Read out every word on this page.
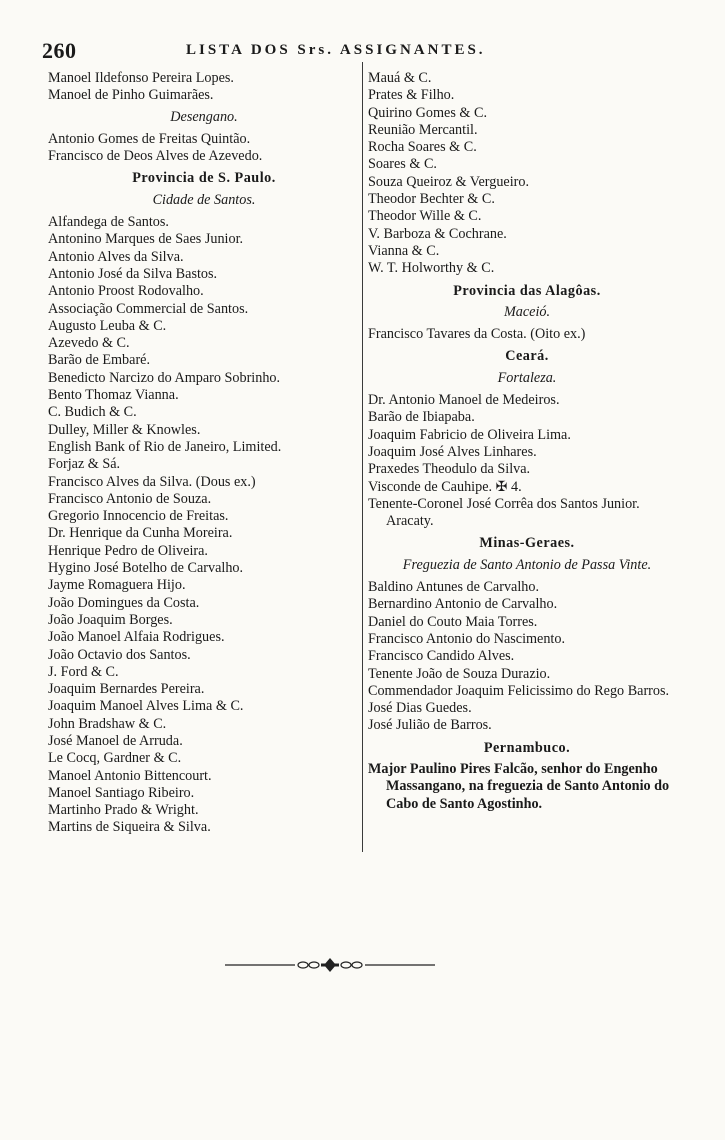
260	LISTA DOS Srs. ASSIGNANTES.
Manoel Ildefonso Pereira Lopes.
Manoel de Pinho Guimarães.
Desengano.
Antonio Gomes de Freitas Quintão.
Francisco de Deos Alves de Azevedo.
Provincia de S. Paulo.
Cidade de Santos.
Alfandega de Santos.
Antonino Marques de Saes Junior.
Antonio Alves da Silva.
Antonio José da Silva Bastos.
Antonio Proost Rodovalho.
Associação Commercial de Santos.
Augusto Leuba & C.
Azevedo & C.
Barão de Embaré.
Benedicto Narcizo do Amparo Sobrinho.
Bento Thomaz Vianna.
C. Budich & C.
Dulley, Miller & Knowles.
English Bank of Rio de Janeiro, Limited.
Forjaz & Sá.
Francisco Alves da Silva. (Dous ex.)
Francisco Antonio de Souza.
Gregorio Innocencio de Freitas.
Dr. Henrique da Cunha Moreira.
Henrique Pedro de Oliveira.
Hygino José Botelho de Carvalho.
Jayme Romaguera Hijo.
João Domingues da Costa.
João Joaquim Borges.
João Manoel Alfaia Rodrigues.
João Octavio dos Santos.
J. Ford & C.
Joaquim Bernardes Pereira.
Joaquim Manoel Alves Lima & C.
John Bradshaw & C.
José Manoel de Arruda.
Le Cocq, Gardner & C.
Manoel Antonio Bittencourt.
Manoel Santiago Ribeiro.
Martinho Prado & Wright.
Martins de Siqueira & Silva.
Mauá & C.
Prates & Filho.
Quirino Gomes & C.
Reunião Mercantil.
Rocha Soares & C.
Soares & C.
Souza Queiroz & Vergueiro.
Theodor Bechter & C.
Theodor Wille & C.
V. Barboza & Cochrane.
Vianna & C.
W. T. Holworthy & C.
Provincia das Alagôas.
Maceió.
Francisco Tavares da Costa. (Oito ex.)
Ceará.
Fortaleza.
Dr. Antonio Manoel de Medeiros.
Barão de Ibiapaba.
Joaquim Fabricio de Oliveira Lima.
Joaquim José Alves Linhares.
Praxedes Theodulo da Silva.
Visconde de Cauhipe. ✠ 4.
Tenente-Coronel José Corrêa dos Santos Junior. Aracaty.
Minas-Geraes.
Freguezia de Santo Antonio de Passa Vinte.
Baldino Antunes de Carvalho.
Bernardino Antonio de Carvalho.
Daniel do Couto Maia Torres.
Francisco Antonio do Nascimento.
Francisco Candido Alves.
Tenente João de Souza Durazio.
Commendador Joaquim Felicissimo do Rego Barros.
José Dias Guedes.
José Julião de Barros.
Pernambuco.
Major Paulino Pires Falcão, senhor do Engenho Massangano, na freguezia de Santo Antonio do Cabo de Santo Agostinho.
